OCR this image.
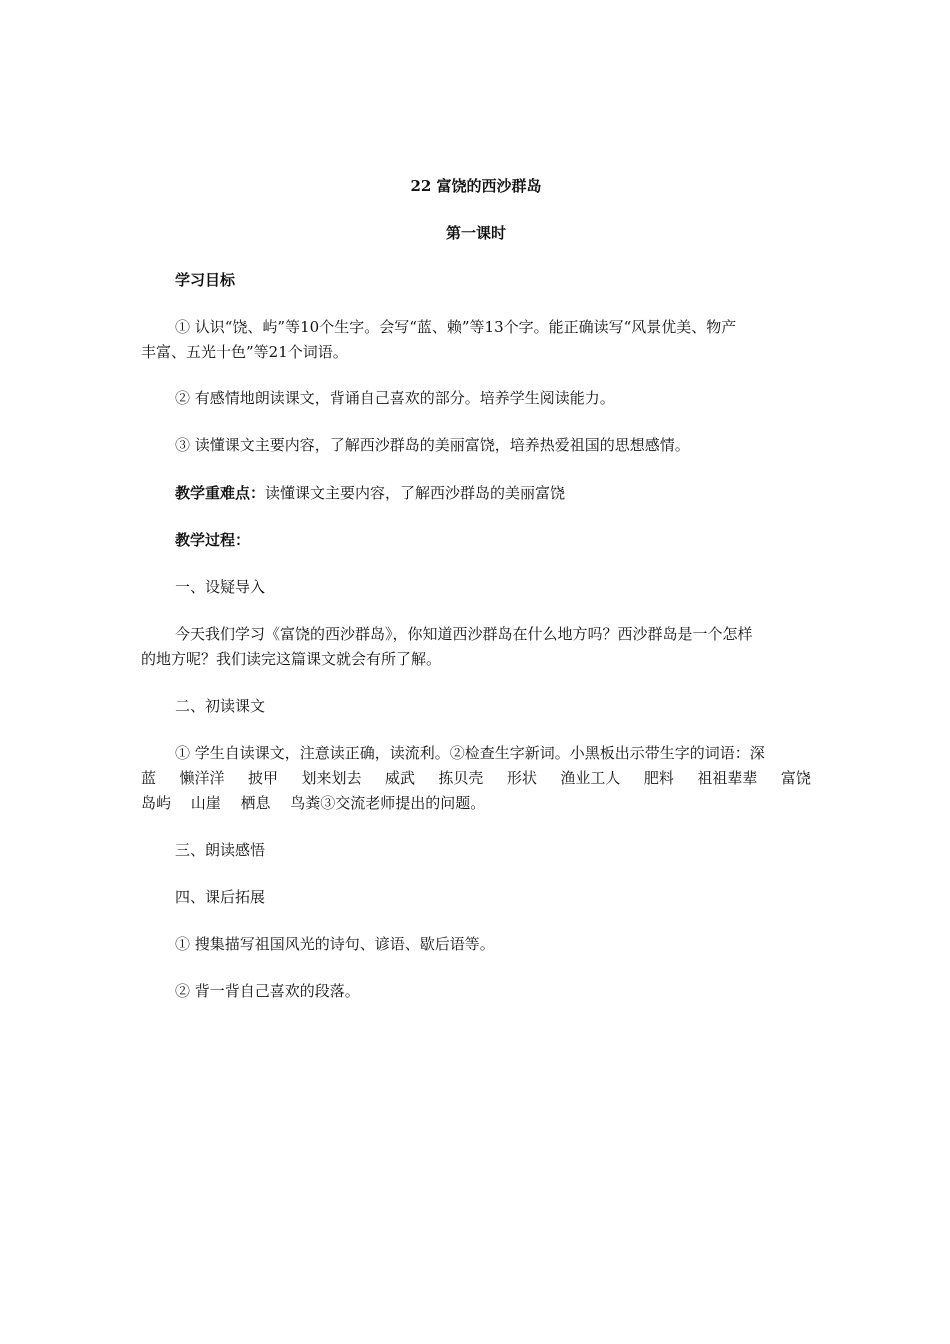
22 富饶的西沙群岛
第一课时
学习目标
① 认识“饶、屿”等10个生字。会写“蓝、赖”等13个字。能正确读写“风景优美、物产
丰富、五光十色”等21个词语。
② 有感情地朗读课文，背诵自己喜欢的部分。培养学生阅读能力。
③ 读懂课文主要内容，了解西沙群岛的美丽富饶，培养热爱祖国的思想感情。
教学重难点：读懂课文主要内容，了解西沙群岛的美丽富饶
教学过程：
一、设疑导入
今天我们学习《富饶的西沙群岛》，你知道西沙群岛在什么地方吗？西沙群岛是一个怎样
的地方呢？我们读完这篇课文就会有所了解。
二、初读课文
① 学生自读课文，注意读正确，读流利。②检查生字新词。小黑板出示带生字的词语：深
蓝 懒洋洋 披甲 划来划去 威武 拣贝壳 形状 渔业工人 肥料 祖祖辈辈 富饶
岛屿　 山崖　 栖息　 鸟粪③交流老师提出的问题。
三、朗读感悟
四、课后拓展
① 搜集描写祖国风光的诗句、谚语、歇后语等。
② 背一背自己喜欢的段落。
